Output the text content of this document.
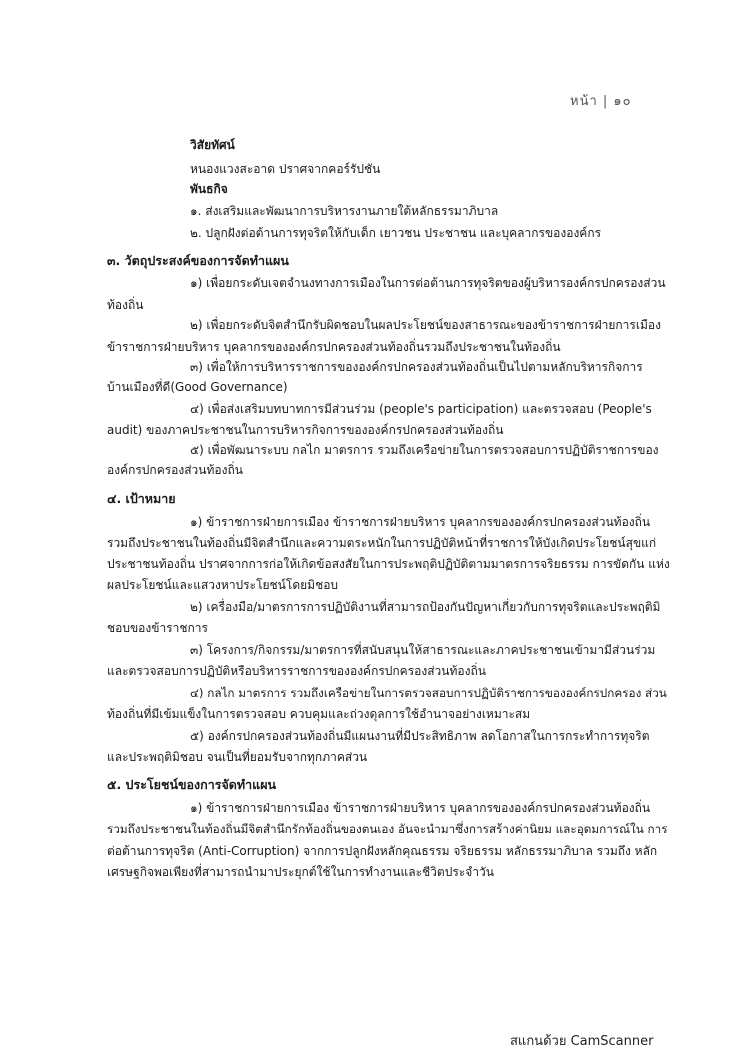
หน้า | ๑๐
วิสัยทัศน์
หนองแวงสะอาด ปราศจากคอร์รัปชัน
พันธกิจ
๑. ส่งเสริมและพัฒนาการบริหารงานภายใต้หลักธรรมาภิบาล
๒. ปลูกฝังต่อต้านการทุจริตให้กับเด็ก เยาวชน ประชาชน และบุคลากรขององค์กร
๓. วัตถุประสงค์ของการจัดทำแผน
๑) เพื่อยกระดับเจตจำนงทางการเมืองในการต่อต้านการทุจริตของผู้บริหารองค์กรปกครองส่วน
ท้องถิ่น
๒) เพื่อยกระดับจิตสำนึกรับผิดชอบในผลประโยชน์ของสาธารณะของข้าราชการฝ่ายการเมือง
ข้าราชการฝ่ายบริหาร บุคลากรขององค์กรปกครองส่วนท้องถิ่นรวมถึงประชาชนในท้องถิ่น
๓) เพื่อให้การบริหารราชการขององค์กรปกครองส่วนท้องถิ่นเป็นไปตามหลักบริหารกิจการ
บ้านเมืองที่ดี(Good Governance)
๔) เพื่อส่งเสริมบทบาทการมีส่วนร่วม (people's participation) และตรวจสอบ (People's
audit) ของภาคประชาชนในการบริหารกิจการขององค์กรปกครองส่วนท้องถิ่น
๕) เพื่อพัฒนาระบบ กลไก มาตรการ รวมถึงเครือข่ายในการตรวจสอบการปฏิบัติราชการของ
องค์กรปกครองส่วนท้องถิ่น
๔. เป้าหมาย
๑) ข้าราชการฝ่ายการเมือง ข้าราชการฝ่ายบริหาร บุคลากรขององค์กรปกครองส่วนท้องถิ่น
รวมถึงประชาชนในท้องถิ่นมีจิตสำนึกและความตระหนักในการปฏิบัติหน้าที่ราชการให้บังเกิดประโยชน์สุขแก่
ประชาชนท้องถิ่น ปราศจากการก่อให้เกิดข้อสงสัยในการประพฤติปฏิบัติตามมาตรการจริยธรรม การขัดกัน แห่ง
ผลประโยชน์และแสวงหาประโยชน์โดยมิชอบ
๒) เครื่องมือ/มาตรการการปฏิบัติงานที่สามารถป้องกันปัญหาเกี่ยวกับการทุจริตและประพฤติมิ
ชอบของข้าราชการ
๓) โครงการ/กิจกรรม/มาตรการที่สนับสนุนให้สาธารณะและภาคประชาชนเข้ามามีส่วนร่วม
และตรวจสอบการปฏิบัติหรือบริหารราชการขององค์กรปกครองส่วนท้องถิ่น
๔) กลไก มาตรการ รวมถึงเครือข่ายในการตรวจสอบการปฏิบัติราชการขององค์กรปกครอง ส่วน
ท้องถิ่นที่มีเข้มแข็งในการตรวจสอบ ควบคุมและถ่วงดุลการใช้อำนาจอย่างเหมาะสม
๕) องค์กรปกครองส่วนท้องถิ่นมีแผนงานที่มีประสิทธิภาพ ลดโอกาสในการกระทำการทุจริต
และประพฤติมิชอบ จนเป็นที่ยอมรับจากทุกภาคส่วน
๕. ประโยชน์ของการจัดทำแผน
๑) ข้าราชการฝ่ายการเมือง ข้าราชการฝ่ายบริหาร บุคลากรขององค์กรปกครองส่วนท้องถิ่น
รวมถึงประชาชนในท้องถิ่นมีจิตสำนึกรักท้องถิ่นของตนเอง อันจะนำมาซึ่งการสร้างค่านิยม และอุดมการณ์ใน การ
ต่อต้านการทุจริต (Anti-Corruption) จากการปลูกฝังหลักคุณธรรม จริยธรรม หลักธรรมาภิบาล รวมถึง หลัก
เศรษฐกิจพอเพียงที่สามารถนำมาประยุกต์ใช้ในการทำงานและชีวิตประจำวัน
สแกนด้วย CamScanner
